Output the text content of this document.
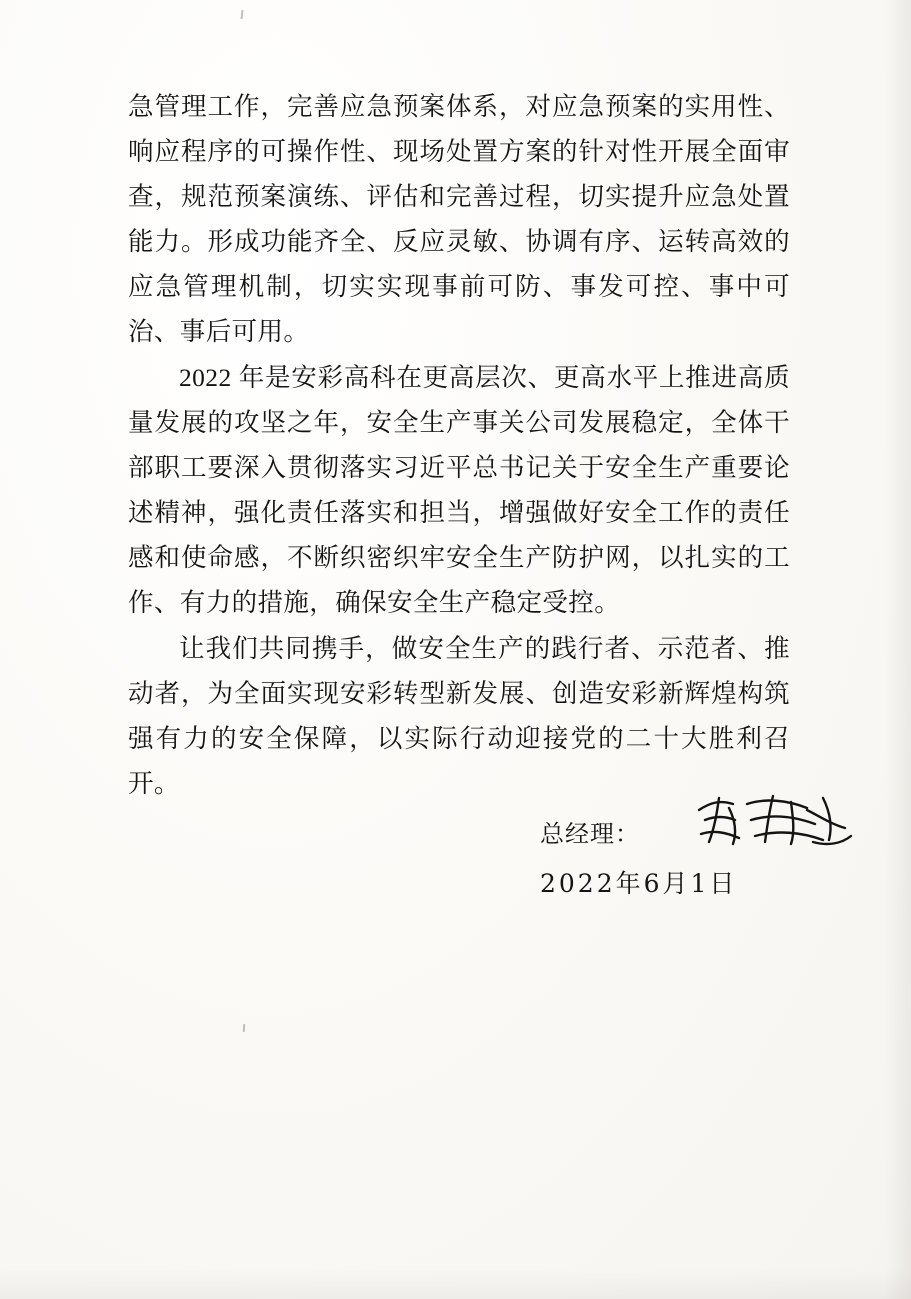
急管理工作，完善应急预案体系，对应急预案的实用性、响应程序的可操作性、现场处置方案的针对性开展全面审查，规范预案演练、评估和完善过程，切实提升应急处置能力。形成功能齐全、反应灵敏、协调有序、运转高效的应急管理机制，切实实现事前可防、事发可控、事中可治、事后可用。

2022 年是安彩高科在更高层次、更高水平上推进高质量发展的攻坚之年，安全生产事关公司发展稳定，全体干部职工要深入贯彻落实习近平总书记关于安全生产重要论述精神，强化责任落实和担当，增强做好安全工作的责任感和使命感，不断织密织牢安全生产防护网，以扎实的工作、有力的措施，确保安全生产稳定受控。

让我们共同携手，做安全生产的践行者、示范者、推动者，为全面实现安彩转型新发展、创造安彩新辉煌构筑强有力的安全保障，以实际行动迎接党的二十大胜利召开。

总经理：
2022年6月1日
